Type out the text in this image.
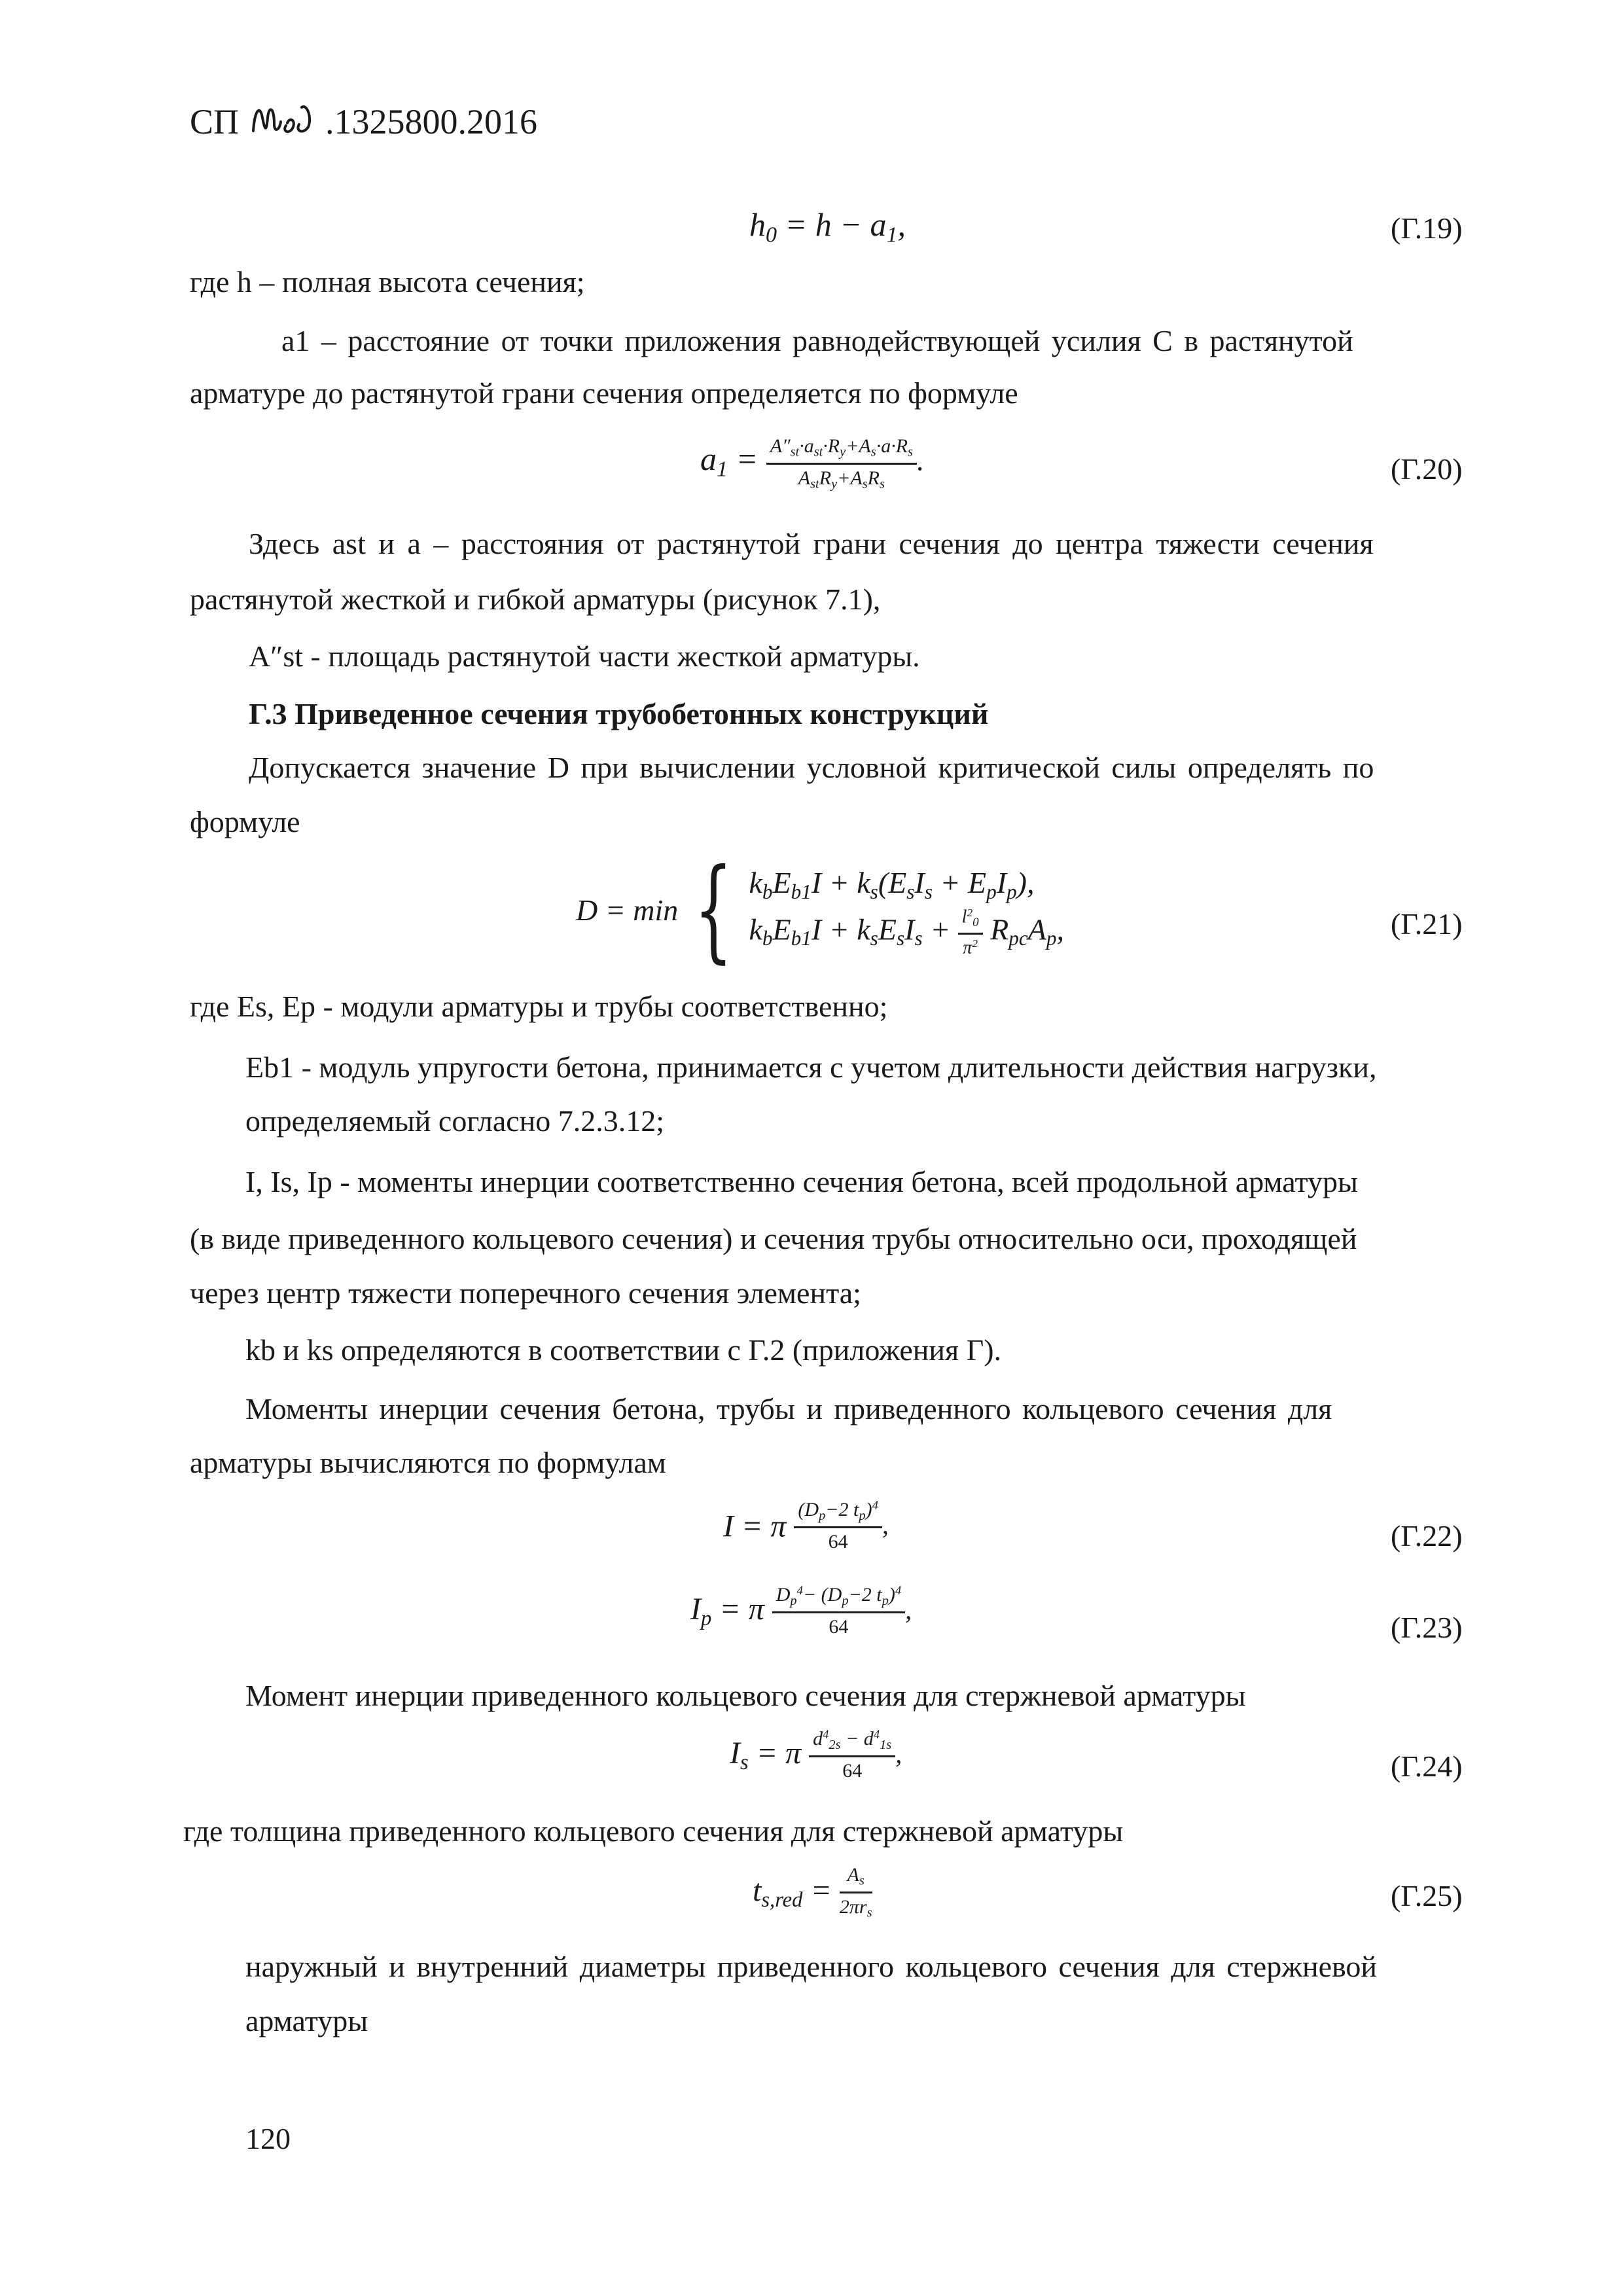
СП .1325800.2016
$h_0 = h - a_1$,	(Г.19)
где h – полная высота сечения;
a1 – расстояние от точки приложения равнодействующей усилия С в растянутой
арматуре до растянутой грани сечения определяется по формуле
$a_1 = \frac{A''_{st}\cdot a_{st}\cdot R_y+A_s\cdot a\cdot R_s}{A_{st}R_y+A_sR_s}$ .	(Г.20)
Здесь ast и a – расстояния от растянутой грани сечения до центра тяжести сечения
растянутой жесткой и гибкой арматуры (рисунок 7.1),
A″st - площадь растянутой части жесткой арматуры.
Г.3 Приведенное сечения трубобетонных конструкций
Допускается значение D при вычислении условной критической силы определять по
формуле
D = min { $k_bE_{b1}I + k_s(E_sI_s + E_pI_p)$,
$k_bE_{b1}I + k_sE_sI_s + \frac{l^2_0}{\pi^2} R_{pc}A_p$,	(Г.21)
где Es, Ep - модули арматуры и трубы соответственно;
Eb1 - модуль упругости бетона, принимается с учетом длительности действия нагрузки,
определяемый согласно 7.2.3.12;
I, Is, Ip - моменты инерции соответственно сечения бетона, всей продольной арматуры
(в виде приведенного кольцевого сечения) и сечения трубы относительно оси, проходящей
через центр тяжести поперечного сечения элемента;
kb и ks определяются в соответствии с Г.2 (приложения Г).
Моменты инерции сечения бетона, трубы и приведенного кольцевого сечения для
арматуры вычисляются по формулам
I = π $\frac{(D_p-2 t_p)^4}{64}$ ,	(Г.22)
$I_p = \pi \frac{D_p^4- (D_p-2 t_p)^4}{64}$ ,
(Г.23)
Момент инерции приведенного кольцевого сечения для стержневой арматуры
$I_s = \pi \frac{d^4_{2s} - d^4_{1s}}{64}$ ,	(Г.24)
где толщина приведенного кольцевого сечения для стержневой арматуры
$t_{s,red} = \frac{A_s}{2\pi r_s}$	(Г.25)
наружный и внутренний диаметры приведенного кольцевого сечения для стержневой
арматуры
120
